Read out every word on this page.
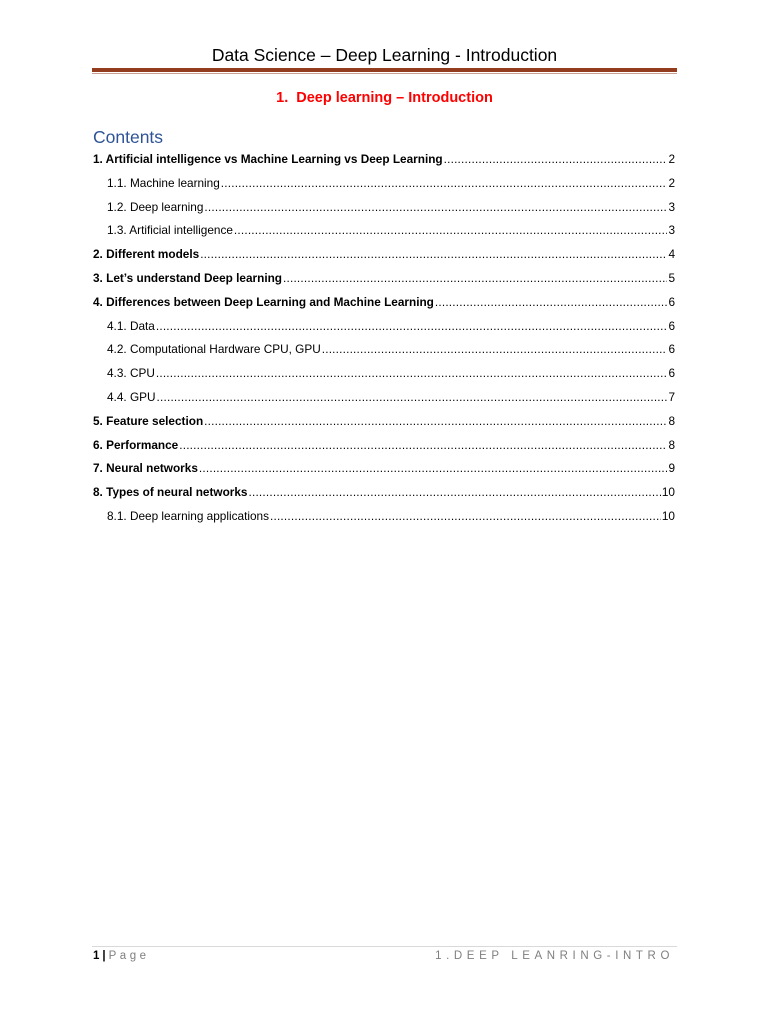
Data Science – Deep Learning - Introduction
1. Deep learning – Introduction
Contents
1. Artificial intelligence vs Machine Learning vs Deep Learning .....	2
1.1. Machine learning .....	2
1.2. Deep learning .....	3
1.3. Artificial intelligence .....	3
2. Different models .....	4
3. Let’s understand Deep learning .....	5
4. Differences between Deep Learning and Machine Learning .....	6
4.1. Data .....	6
4.2. Computational Hardware CPU, GPU .....	6
4.3. CPU .....	6
4.4. GPU .....	7
5. Feature selection .....	8
6. Performance .....	8
7. Neural networks .....	9
8. Types of neural networks .....	10
8.1. Deep learning applications .....	10
1 | Page	1.DEEP LEANRING-INTRO
